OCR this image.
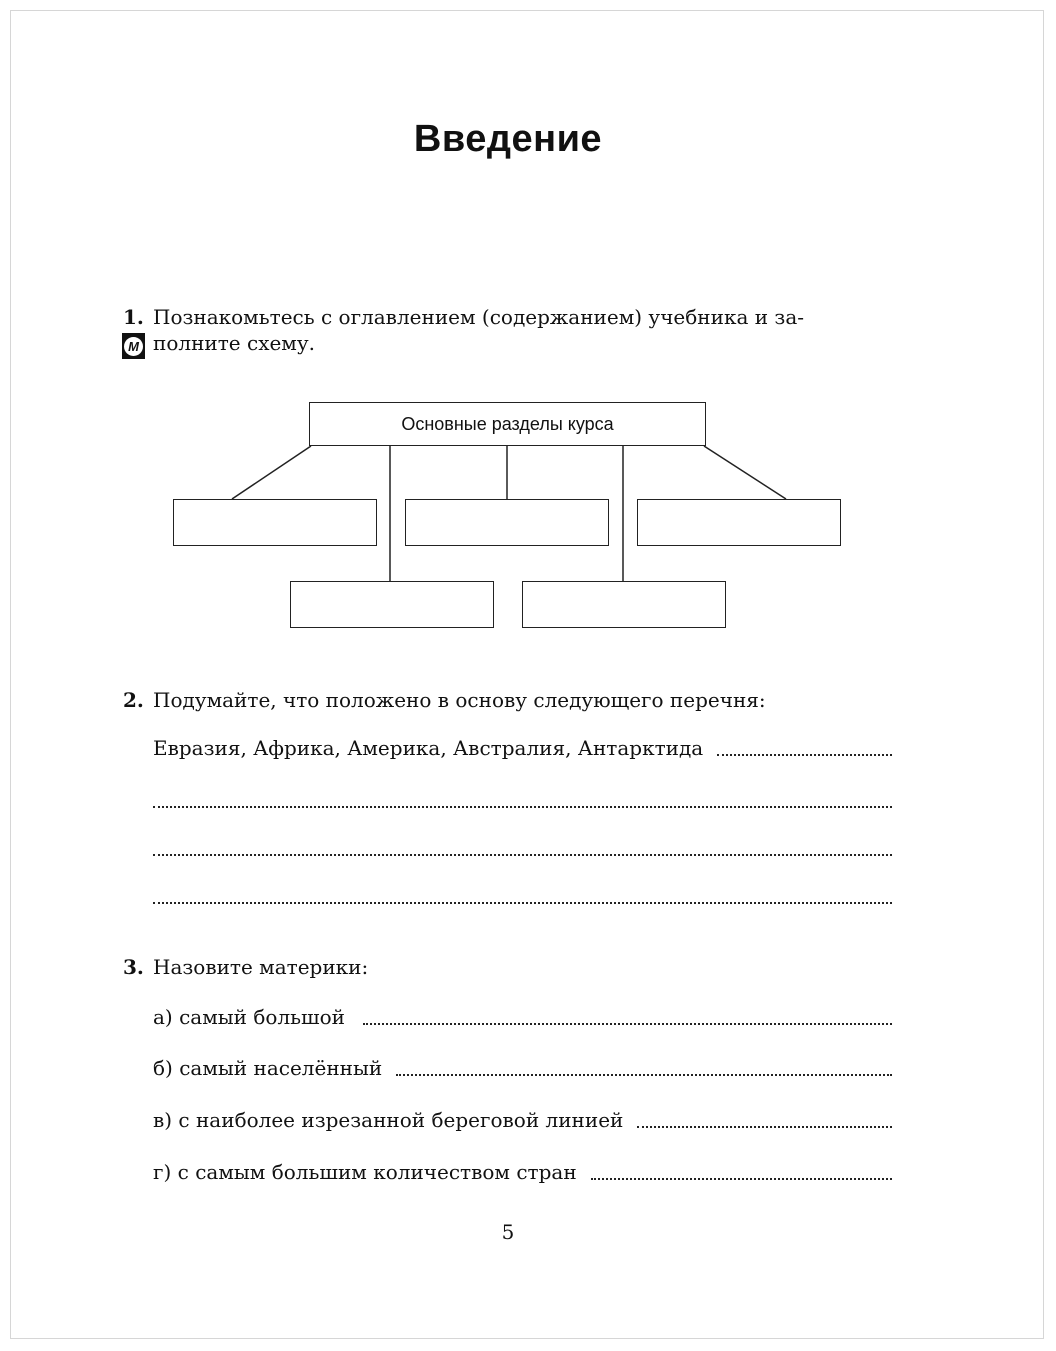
Введение
1. Познакомьтесь с оглавлением (содержанием) учебника и за-
М полните схему.
Основные разделы курса
2. Подумайте, что положено в основу следующего перечня:
Евразия, Африка, Америка, Австралия, Антарктида
3. Назовите материки:
а) самый большой
б) самый населённый
в) с наиболее изрезанной береговой линией
г) с самым большим количеством стран
5
